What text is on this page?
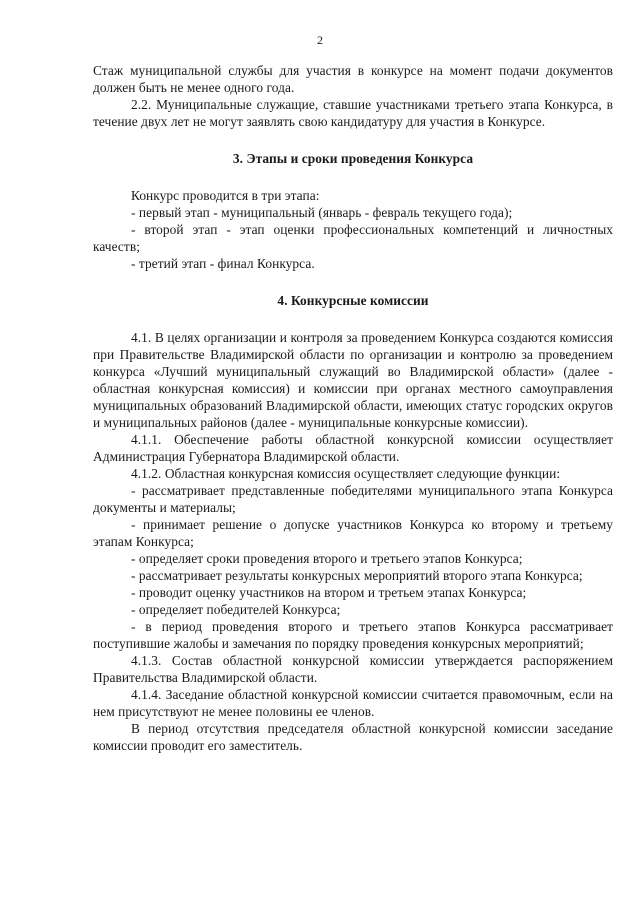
2

Стаж муниципальной службы для участия в конкурсе на момент подачи документов должен быть не менее одного года.

2.2. Муниципальные служащие, ставшие участниками третьего этапа Конкурса, в течение двух лет не могут заявлять свою кандидатуру для участия в Конкурсе.

3. Этапы и сроки проведения Конкурса

Конкурс проводится в три этапа:

- первый этап - муниципальный (январь - февраль текущего года);

- второй этап - этап оценки профессиональных компетенций и личностных качеств;

- третий этап - финал Конкурса.

4. Конкурсные комиссии

4.1. В целях организации и контроля за проведением Конкурса создаются комиссия при Правительстве Владимирской области по организации и контролю за проведением конкурса «Лучший муниципальный служащий во Владимирской области» (далее - областная конкурсная комиссия) и комиссии при органах местного самоуправления муниципальных образований Владимирской области, имеющих статус городских округов и муниципальных районов (далее - муниципальные конкурсные комиссии).

4.1.1. Обеспечение работы областной конкурсной комиссии осуществляет Администрация Губернатора Владимирской области.

4.1.2. Областная конкурсная комиссия осуществляет следующие функции:

- рассматривает представленные победителями муниципального этапа Конкурса документы и материалы;

- принимает решение о допуске участников Конкурса ко второму и третьему этапам Конкурса;

- определяет сроки проведения второго и третьего этапов Конкурса;

- рассматривает результаты конкурсных мероприятий второго этапа Конкурса;

- проводит оценку участников на втором и третьем этапах Конкурса;

- определяет победителей Конкурса;

- в период проведения второго и третьего этапов Конкурса рассматривает поступившие жалобы и замечания по порядку проведения конкурсных мероприятий;

4.1.3. Состав областной конкурсной комиссии утверждается распоряжением Правительства Владимирской области.

4.1.4. Заседание областной конкурсной комиссии считается правомочным, если на нем присутствуют не менее половины ее членов.

В период отсутствия председателя областной конкурсной комиссии заседание комиссии проводит его заместитель.
